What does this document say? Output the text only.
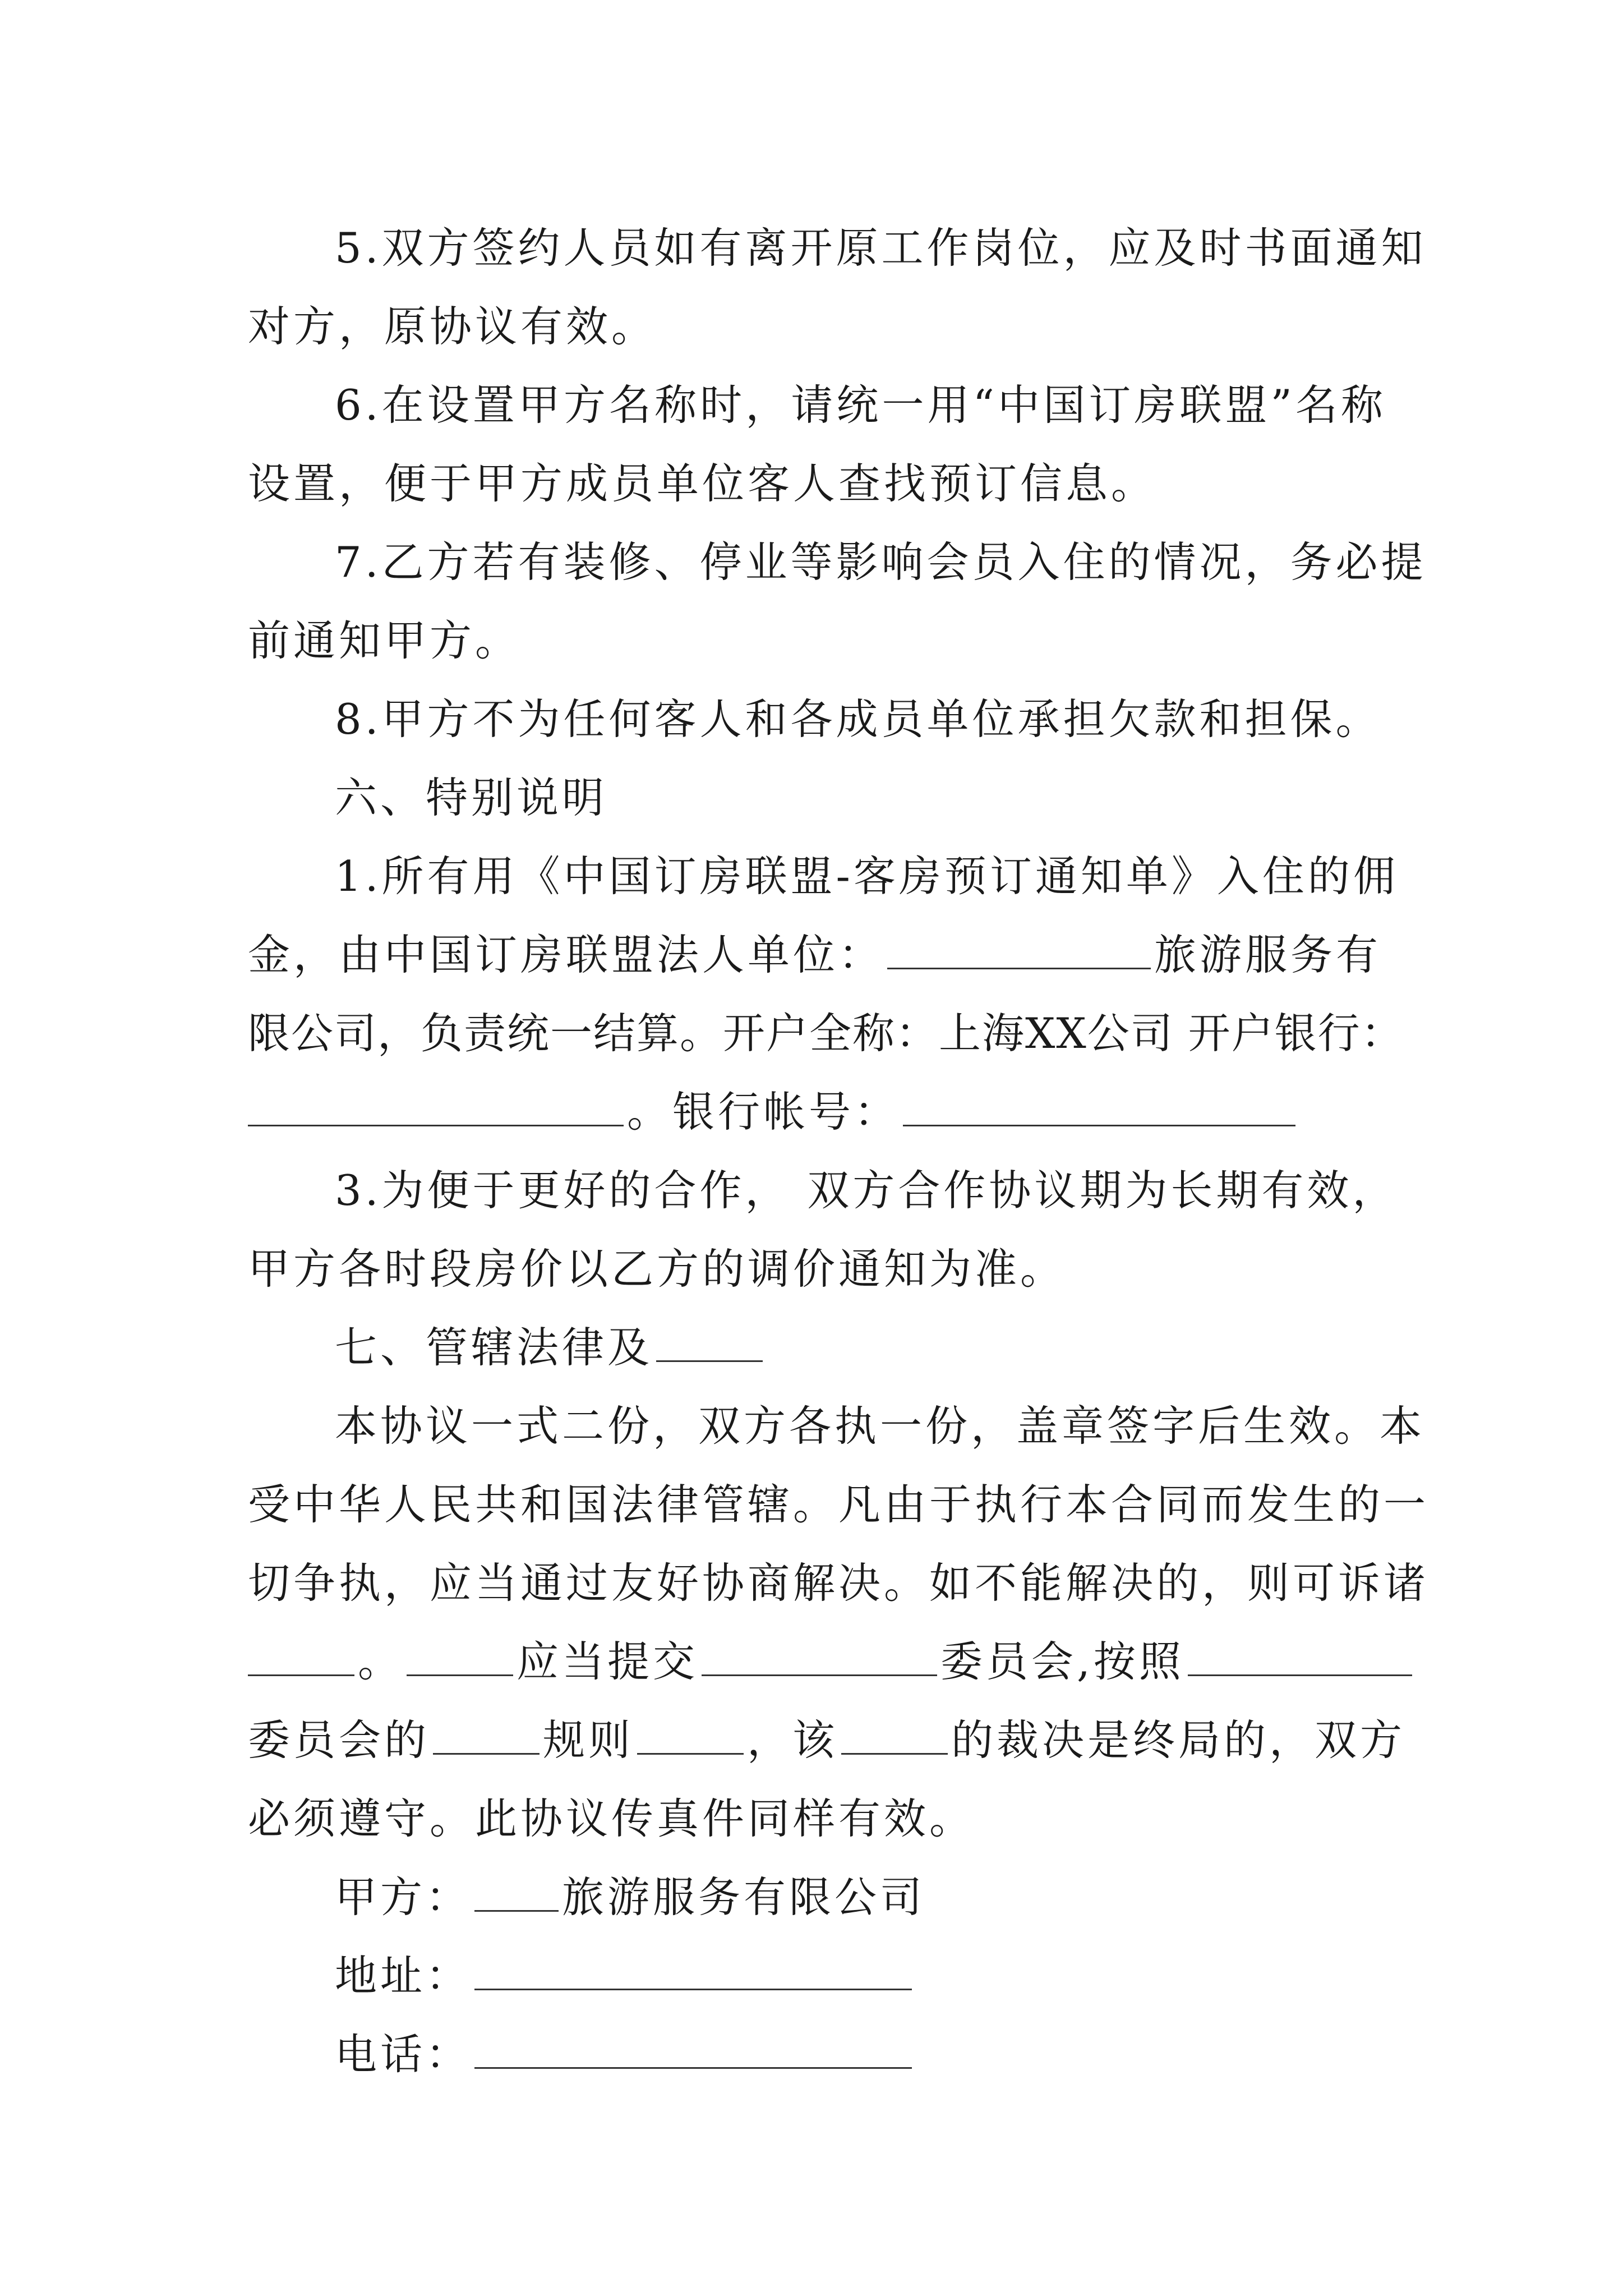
5.双方签约人员如有离开原工作岗位，应及时书面通知
对方，原协议有效。
6.在设置甲方名称时，请统一用“中国订房联盟”名称
设置，便于甲方成员单位客人查找预订信息。
7.乙方若有装修、停业等影响会员入住的情况，务必提
前通知甲方。
8.甲方不为任何客人和各成员单位承担欠款和担保。
六、特别说明
1.所有用《中国订房联盟-客房预订通知单》入住的佣
金，由中国订房联盟法人单位：	旅游服务有
限公司，负责统一结算。开户全称：上海XX公司 开户银行：
。银行帐号：
3.为便于更好的合作， 双方合作协议期为长期有效，
甲方各时段房价以乙方的调价通知为准。
七、管辖法律及
本协议一式二份，双方各执一份，盖章签字后生效。本
受中华人民共和国法律管辖。凡由于执行本合同而发生的一
切争执，应当通过友好协商解决。如不能解决的，则可诉诸
。	应当提交	委员会,按照
委员会的	规则	，该	的裁决是终局的，双方
必须遵守。此协议传真件同样有效。
甲方： 旅游服务有限公司
地址：
电话：
